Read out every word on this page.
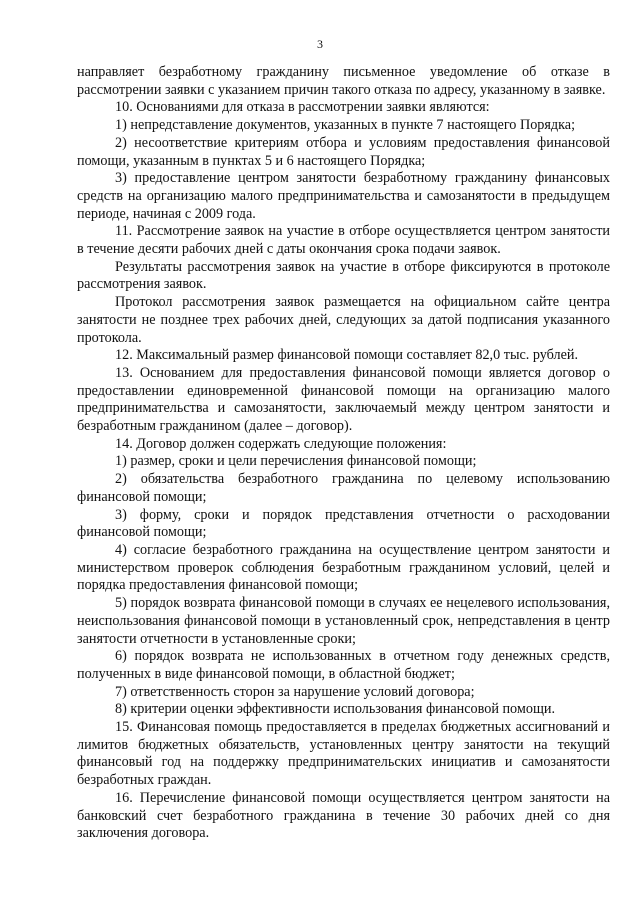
3

направляет безработному гражданину письменное уведомление об отказе в рассмотрении заявки с указанием причин такого отказа по адресу, указанному в заявке.

10. Основаниями для отказа в рассмотрении заявки являются:

1) непредставление документов, указанных в пункте 7 настоящего Порядка;

2) несоответствие критериям отбора и условиям предоставления финансовой помощи, указанным в пунктах 5 и 6 настоящего Порядка;

3) предоставление центром занятости безработному гражданину финансовых средств на организацию малого предпринимательства и самозанятости в предыдущем периоде, начиная с 2009 года.

11. Рассмотрение заявок на участие в отборе осуществляется центром занятости в течение десяти рабочих дней с даты окончания срока подачи заявок.

Результаты рассмотрения заявок на участие в отборе фиксируются в протоколе рассмотрения заявок.

Протокол рассмотрения заявок размещается на официальном сайте центра занятости не позднее трех рабочих дней, следующих за датой подписания указанного протокола.

12. Максимальный размер финансовой помощи составляет 82,0 тыс. рублей.

13. Основанием для предоставления финансовой помощи является договор о предоставлении единовременной финансовой помощи на организацию малого предпринимательства и самозанятости, заключаемый между центром занятости и безработным гражданином (далее – договор).

14. Договор должен содержать следующие положения:

1) размер, сроки и цели перечисления финансовой помощи;

2) обязательства безработного гражданина по целевому использованию финансовой помощи;

3) форму, сроки и порядок представления отчетности о расходовании финансовой помощи;

4) согласие безработного гражданина на осуществление центром занятости и министерством проверок соблюдения безработным гражданином условий, целей и порядка предоставления финансовой помощи;

5) порядок возврата финансовой помощи в случаях ее нецелевого использования, неиспользования финансовой помощи в установленный срок, непредставления в центр занятости отчетности в установленные сроки;

6) порядок возврата не использованных в отчетном году денежных средств, полученных в виде финансовой помощи, в областной бюджет;

7) ответственность сторон за нарушение условий договора;

8) критерии оценки эффективности использования финансовой помощи.

15. Финансовая помощь предоставляется в пределах бюджетных ассигнований и лимитов бюджетных обязательств, установленных центру занятости на текущий финансовый год на поддержку предпринимательских инициатив и самозанятости безработных граждан.

16. Перечисление финансовой помощи осуществляется центром занятости на банковский счет безработного гражданина в течение 30 рабочих дней со дня заключения договора.
